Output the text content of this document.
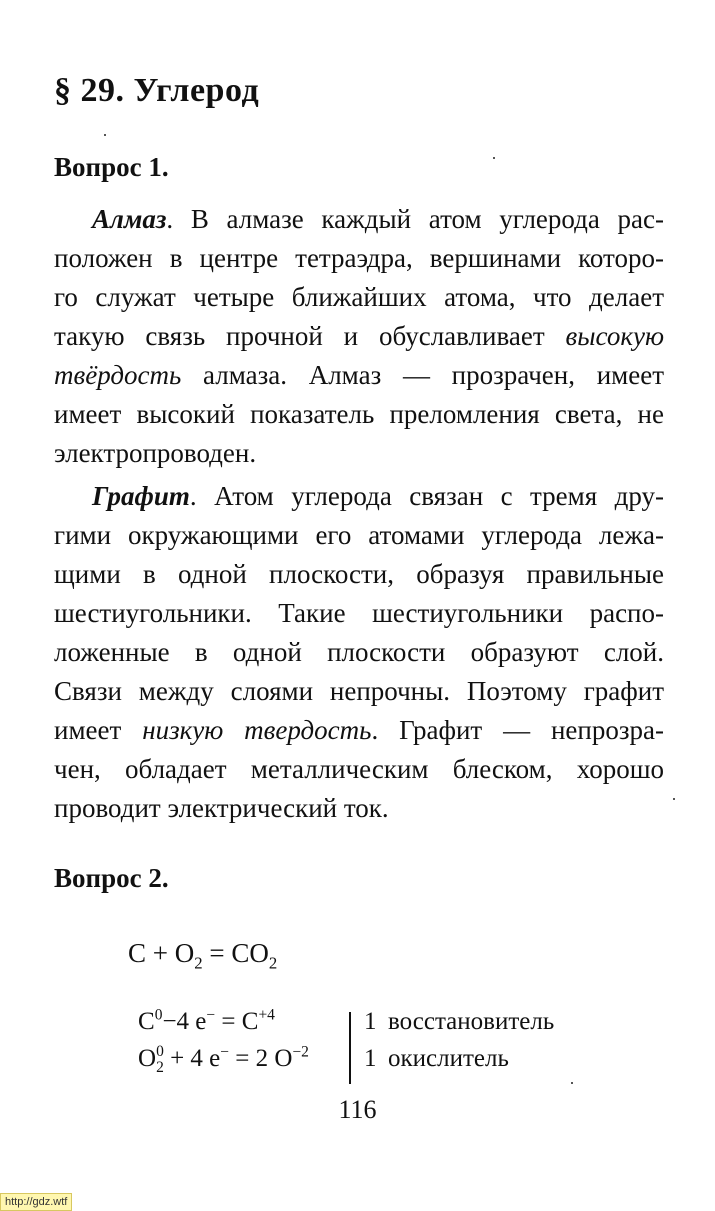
§ 29. Углерод
Вопрос 1.
Алмаз. В алмазе каждый атом углерода рас-
положен в центре тетраэдра, вершинами которо-
го служат четыре ближайших атома, что делает
такую связь прочной и обуславливает высокую
твёрдость алмаза. Алмаз — прозрачен, имеет
имеет высокий показатель преломления света, не
электропроводен.
Графит. Атом углерода связан с тремя дру-
гими окружающими его атомами углерода лежа-
щими в одной плоскости, образуя правильные
шестиугольники. Такие шестиугольники распо-
ложенные в одной плоскости образуют слой.
Связи между слоями непрочны. Поэтому графит
имеет низкую твердость. Графит — непрозра-
чен, обладает металлическим блеском, хорошо
проводит электрический ток.
Вопрос 2.
$C + O_2 = CO_2$
$C^0-4$ $e^- = C^{+4}$	1 восстановитель
O 0
2 + 4 e− = 2 $O^{-2}$	1 окислитель
116
http://gdz.wtf
